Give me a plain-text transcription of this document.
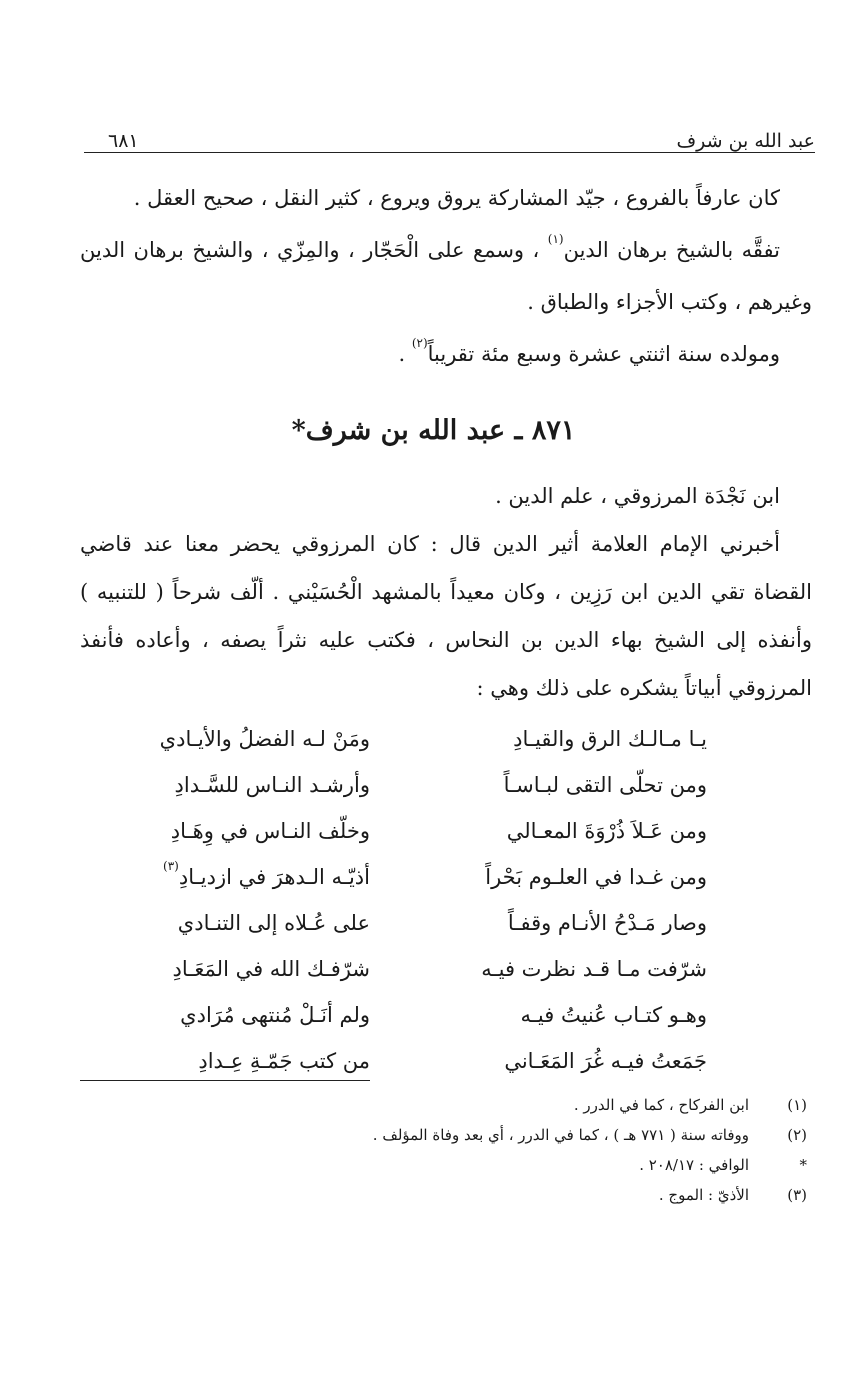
عبد الله بن شرف
٦٨١

كان عارفاً بالفروع ، جيّد المشاركة يروق ويروع ، كثير النقل ، صحيح العقل .

تفقَّه بالشيخ برهان الدين$^{(١)}$ ، وسمع على الْحَجّار ، والمِزّي ، والشيخ برهان الدين وغيرهم ، وكتب الأجزاء والطباق .

ومولده سنة اثنتي عشرة وسبع مئة تقريباً$^{(٢)}$ .

٨٧١ ـ عبد الله بن شرف*

ابن نَجْدَة المرزوقي ، علم الدين .

أخبرني الإمام العلامة أثير الدين قال : كان المرزوقي يحضر معنا عند قاضي القضاة تقي الدين ابن رَزِين ، وكان معيداً بالمشهد الْحُسَيْني . ألّف شرحاً ( للتنبيه ) وأنفذه إلى الشيخ بهاء الدين بن النحاس ، فكتب عليه نثراً يصفه ، وأعاده فأنفذ المرزوقي أبياتاً يشكره على ذلك وهي :

يـا مـالـك الرق والقيـادِ
ومَنْ لـه الفضلُ والأيـادي
ومن تحلّى التقى لبـاسـاً
وأرشـد النـاس للسَّـدادِ
ومن عَـلاَ ذُرْوَةَ المعـالي
وخلّف النـاس في وِهَـادِ
ومن غـدا في العلـوم بَحْراً
أذيّـه الـدهرَ في ازديـادِ$^{(٣)}$
وصار مَـدْحُ الأنـام وقفـاً
على عُـلاه إلى التنـادي
شرّفت مـا قـد نظرت فيـه
شرّفـك الله في المَعَـادِ
وهـو كتـاب عُنيتُ فيـه
ولم أنَـلْ مُنتهى مُرَادي
جَمَعتُ فيـه غُرَ المَعَـاني
من كتب جَمّـةِ عِـدادِ
(١)
ابن الفركاح ، كما في الدرر .
(٢)
ووفاته سنة ( ٧٧١ هـ ) ، كما في الدرر ، أي بعد وفاة المؤلف .
*
الوافي : ٢٠٨/١٧ .
(٣)
الأذيّ : الموج .
